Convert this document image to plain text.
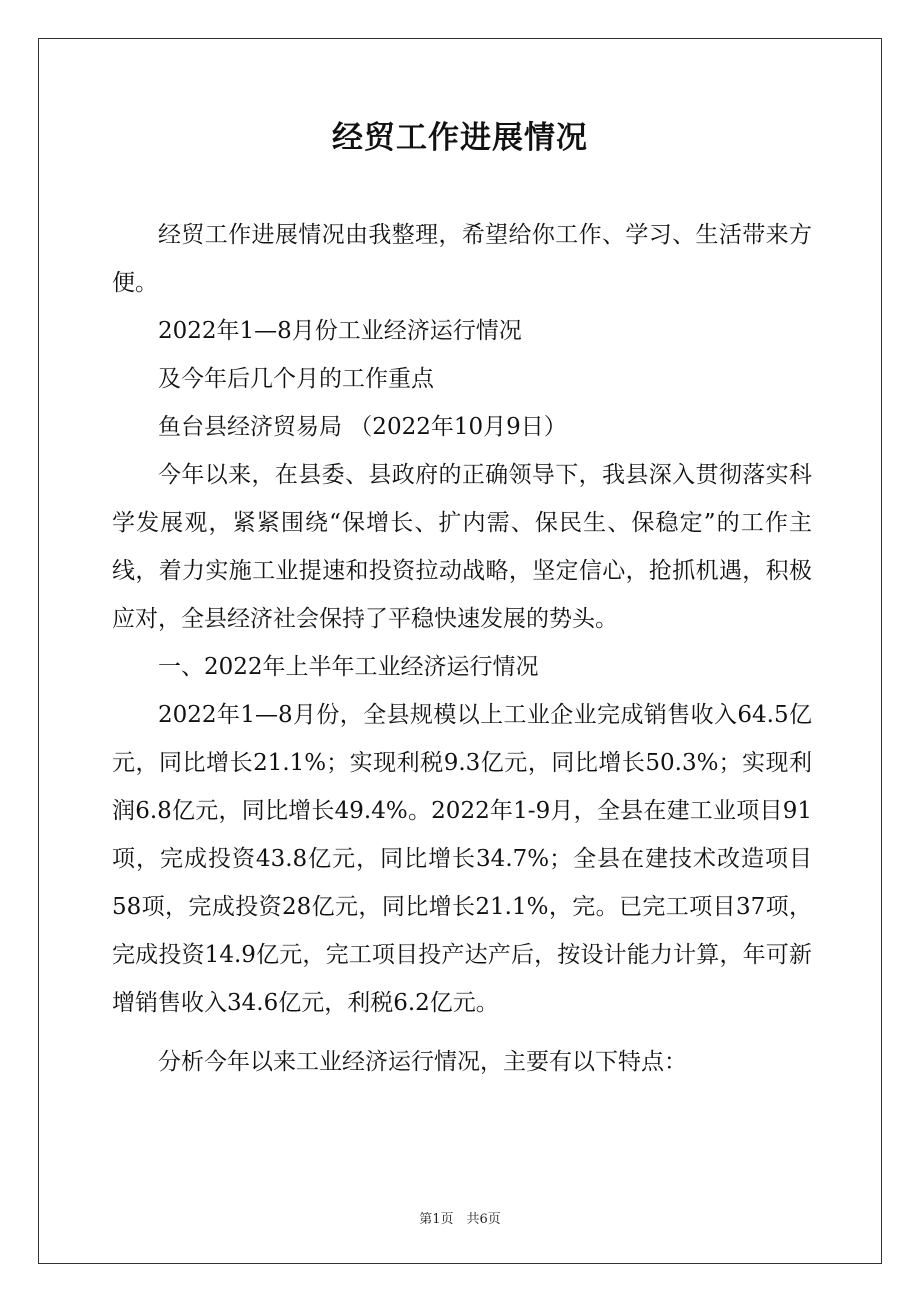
经贸工作进展情况

经贸工作进展情况由我整理，希望给你工作、学习、生活带来方便。

2022年1—8月份工业经济运行情况

及今年后几个月的工作重点

鱼台县经济贸易局 （2022年10月9日）

今年以来，在县委、县政府的正确领导下，我县深入贯彻落实科学发展观，紧紧围绕“保增长、扩内需、保民生、保稳定”的工作主线，着力实施工业提速和投资拉动战略，坚定信心，抢抓机遇，积极应对，全县经济社会保持了平稳快速发展的势头。

一、2022年上半年工业经济运行情况

2022年1—8月份，全县规模以上工业企业完成销售收入64.5亿元，同比增长21.1%；实现利税9.3亿元，同比增长50.3%；实现利润6.8亿元，同比增长49.4%。2022年1-9月，全县在建工业项目91项，完成投资43.8亿元，同比增长34.7%；全县在建技术改造项目58项，完成投资28亿元，同比增长21.1%，完。已完工项目37项，完成投资14.9亿元，完工项目投产达产后，按设计能力计算，年可新增销售收入34.6亿元，利税6.2亿元。

分析今年以来工业经济运行情况，主要有以下特点：

第1页　共6页
